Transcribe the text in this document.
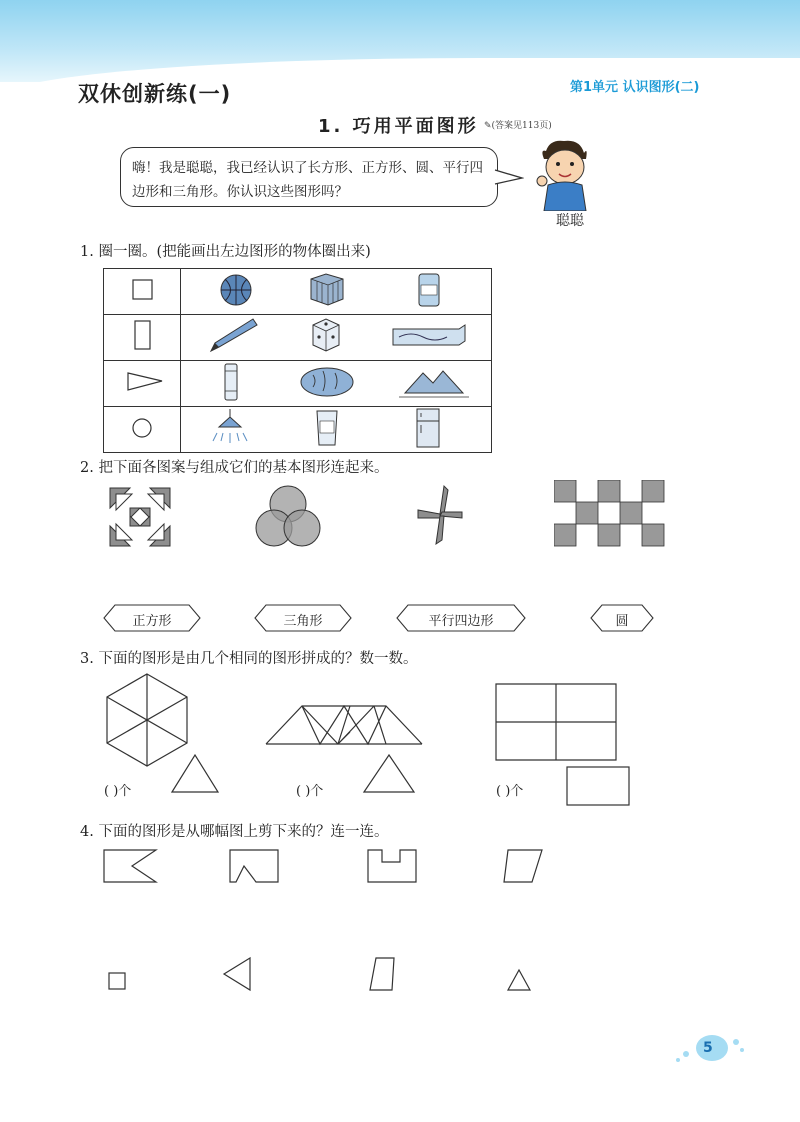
双休创新练(一)	第1单元 认识图形(二)
1. 巧用平面图形 ✎(答案见113页)
嗨！我是聪聪，我已经认识了长方形、正方形、圆、平行四边形和三角形。你认识这些图形吗？
聪聪
1. 圈一圈。(把能画出左边图形的物体圈出来)

2. 把下面各图案与组成它们的基本图形连起来。
正方形	三角形	平行四边形	圆
3. 下面的图形是由几个相同的图形拼成的？数一数。
( )个	( )个	( )个
4. 下面的图形是从哪幅图上剪下来的？连一连。
5
